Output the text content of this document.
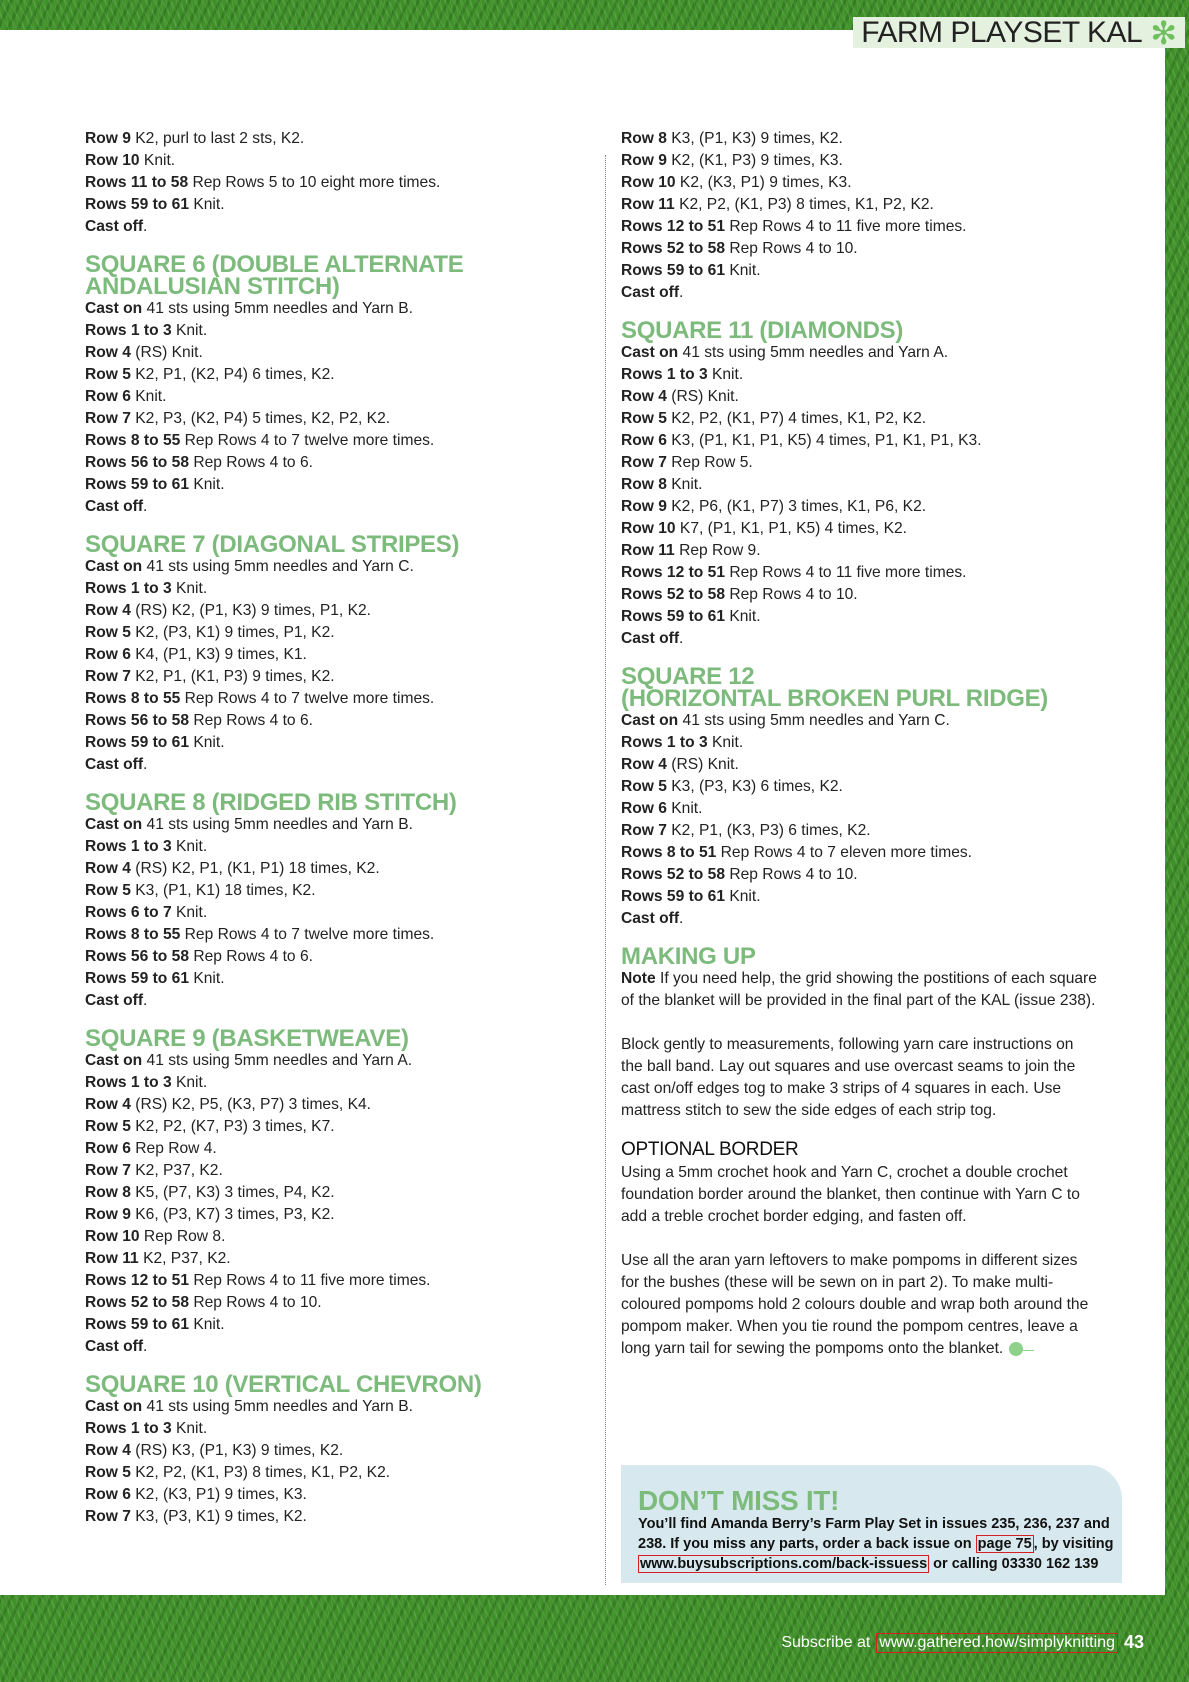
FARM PLAYSET KAL ✻
Row 9 K2, purl to last 2 sts, K2.
Row 10 Knit.
Rows 11 to 58 Rep Rows 5 to 10 eight more times.
Rows 59 to 61 Knit.
Cast off.
SQUARE 6 (DOUBLE ALTERNATE
ANDALUSIAN STITCH)
Cast on 41 sts using 5mm needles and Yarn B.
Rows 1 to 3 Knit.
Row 4 (RS) Knit.
Row 5 K2, P1, (K2, P4) 6 times, K2.
Row 6 Knit.
Row 7 K2, P3, (K2, P4) 5 times, K2, P2, K2.
Rows 8 to 55 Rep Rows 4 to 7 twelve more times.
Rows 56 to 58 Rep Rows 4 to 6.
Rows 59 to 61 Knit.
Cast off.
SQUARE 7 (DIAGONAL STRIPES)
Cast on 41 sts using 5mm needles and Yarn C.
Rows 1 to 3 Knit.
Row 4 (RS) K2, (P1, K3) 9 times, P1, K2.
Row 5 K2, (P3, K1) 9 times, P1, K2.
Row 6 K4, (P1, K3) 9 times, K1.
Row 7 K2, P1, (K1, P3) 9 times, K2.
Rows 8 to 55 Rep Rows 4 to 7 twelve more times.
Rows 56 to 58 Rep Rows 4 to 6.
Rows 59 to 61 Knit.
Cast off.
SQUARE 8 (RIDGED RIB STITCH)
Cast on 41 sts using 5mm needles and Yarn B.
Rows 1 to 3 Knit.
Row 4 (RS) K2, P1, (K1, P1) 18 times, K2.
Row 5 K3, (P1, K1) 18 times, K2.
Rows 6 to 7 Knit.
Rows 8 to 55 Rep Rows 4 to 7 twelve more times.
Rows 56 to 58 Rep Rows 4 to 6.
Rows 59 to 61 Knit.
Cast off.
SQUARE 9 (BASKETWEAVE)
Cast on 41 sts using 5mm needles and Yarn A.
Rows 1 to 3 Knit.
Row 4 (RS) K2, P5, (K3, P7) 3 times, K4.
Row 5 K2, P2, (K7, P3) 3 times, K7.
Row 6 Rep Row 4.
Row 7 K2, P37, K2.
Row 8 K5, (P7, K3) 3 times, P4, K2.
Row 9 K6, (P3, K7) 3 times, P3, K2.
Row 10 Rep Row 8.
Row 11 K2, P37, K2.
Rows 12 to 51 Rep Rows 4 to 11 five more times.
Rows 52 to 58 Rep Rows 4 to 10.
Rows 59 to 61 Knit.
Cast off.
SQUARE 10 (VERTICAL CHEVRON)
Cast on 41 sts using 5mm needles and Yarn B.
Rows 1 to 3 Knit.
Row 4 (RS) K3, (P1, K3) 9 times, K2.
Row 5 K2, P2, (K1, P3) 8 times, K1, P2, K2.
Row 6 K2, (K3, P1) 9 times, K3.
Row 7 K3, (P3, K1) 9 times, K2.
Row 8 K3, (P1, K3) 9 times, K2.
Row 9 K2, (K1, P3) 9 times, K3.
Row 10 K2, (K3, P1) 9 times, K3.
Row 11 K2, P2, (K1, P3) 8 times, K1, P2, K2.
Rows 12 to 51 Rep Rows 4 to 11 five more times.
Rows 52 to 58 Rep Rows 4 to 10.
Rows 59 to 61 Knit.
Cast off.
SQUARE 11 (DIAMONDS)
Cast on 41 sts using 5mm needles and Yarn A.
Rows 1 to 3 Knit.
Row 4 (RS) Knit.
Row 5 K2, P2, (K1, P7) 4 times, K1, P2, K2.
Row 6 K3, (P1, K1, P1, K5) 4 times, P1, K1, P1, K3.
Row 7 Rep Row 5.
Row 8 Knit.
Row 9 K2, P6, (K1, P7) 3 times, K1, P6, K2.
Row 10 K7, (P1, K1, P1, K5) 4 times, K2.
Row 11 Rep Row 9.
Rows 12 to 51 Rep Rows 4 to 11 five more times.
Rows 52 to 58 Rep Rows 4 to 10.
Rows 59 to 61 Knit.
Cast off.
SQUARE 12
(HORIZONTAL BROKEN PURL RIDGE)
Cast on 41 sts using 5mm needles and Yarn C.
Rows 1 to 3 Knit.
Row 4 (RS) Knit.
Row 5 K3, (P3, K3) 6 times, K2.
Row 6 Knit.
Row 7 K2, P1, (K3, P3) 6 times, K2.
Rows 8 to 51 Rep Rows 4 to 7 eleven more times.
Rows 52 to 58 Rep Rows 4 to 10.
Rows 59 to 61 Knit.
Cast off.
MAKING UP
Note If you need help, the grid showing the postitions of each square
of the blanket will be provided in the final part of the KAL (issue 238).
Block gently to measurements, following yarn care instructions on
the ball band. Lay out squares and use overcast seams to join the
cast on/off edges tog to make 3 strips of 4 squares in each. Use
mattress stitch to sew the side edges of each strip tog.
OPTIONAL BORDER
Using a 5mm crochet hook and Yarn C, crochet a double crochet
foundation border around the blanket, then continue with Yarn C to
add a treble crochet border edging, and fasten off.
Use all the aran yarn leftovers to make pompoms in different sizes
for the bushes (these will be sewn on in part 2). To make multi-
coloured pompoms hold 2 colours double and wrap both around the
pompom maker. When you tie round the pompom centres, leave a
long yarn tail for sewing the pompoms onto the blanket.
DON’T MISS IT!
You’ll find Amanda Berry’s Farm Play Set in issues 235, 236, 237 and
238. If you miss any parts, order a back issue on page 75 , by visiting
www.buysubscriptions.com/back-issuess or calling 03330 162 139
Subscribe at www.gathered.how/simplyknitting 43
